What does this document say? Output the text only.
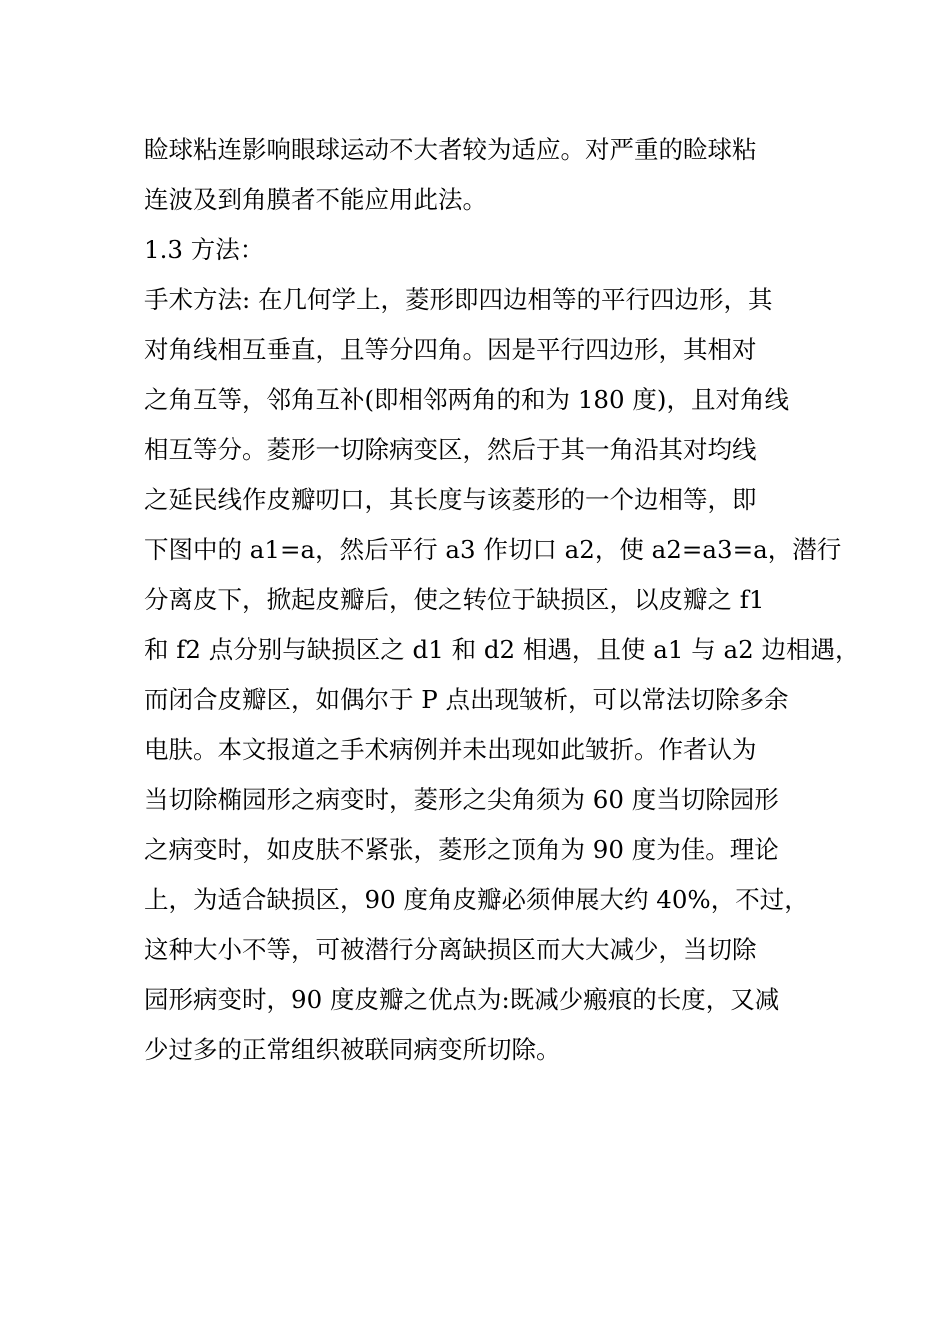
睑球粘连影响眼球运动不大者较为适应。对严重的睑球粘
连波及到角膜者不能应用此法。
1.3 方法：
手术方法: 在几何学上，菱形即四边相等的平行四边形，其
对角线相互垂直，且等分四角。因是平行四边形，其相对
之角互等，邻角互补(即相邻两角的和为 180 度)，且对角线
相互等分。菱形一切除病变区，然后于其一角沿其对均线
之延民线作皮瓣叨口，其长度与该菱形的一个边相等，即
下图中的 a1=a，然后平行 a3 作切口 a2，使 a2=a3=a，潜行
分离皮下，掀起皮瓣后，使之转位于缺损区，以皮瓣之 f1
和 f2 点分别与缺损区之 d1 和 d2 相遇，且使 a1 与 a2 边相遇，
而闭合皮瓣区，如偶尔于 P 点出现皱析，可以常法切除多余
电肤。本文报道之手术病例并未出现如此皱折。作者认为
当切除椭园形之病变时，菱形之尖角须为 60 度当切除园形
之病变时，如皮肤不紧张，菱形之顶角为 90 度为佳。理论
上，为适合缺损区，90 度角皮瓣必须伸展大约 40%，不过，
这种大小不等，可被潜行分离缺损区而大大减少，当切除
园形病变时，90 度皮瓣之优点为:既减少瘢痕的长度，又减
少过多的正常组织被联同病变所切除。
